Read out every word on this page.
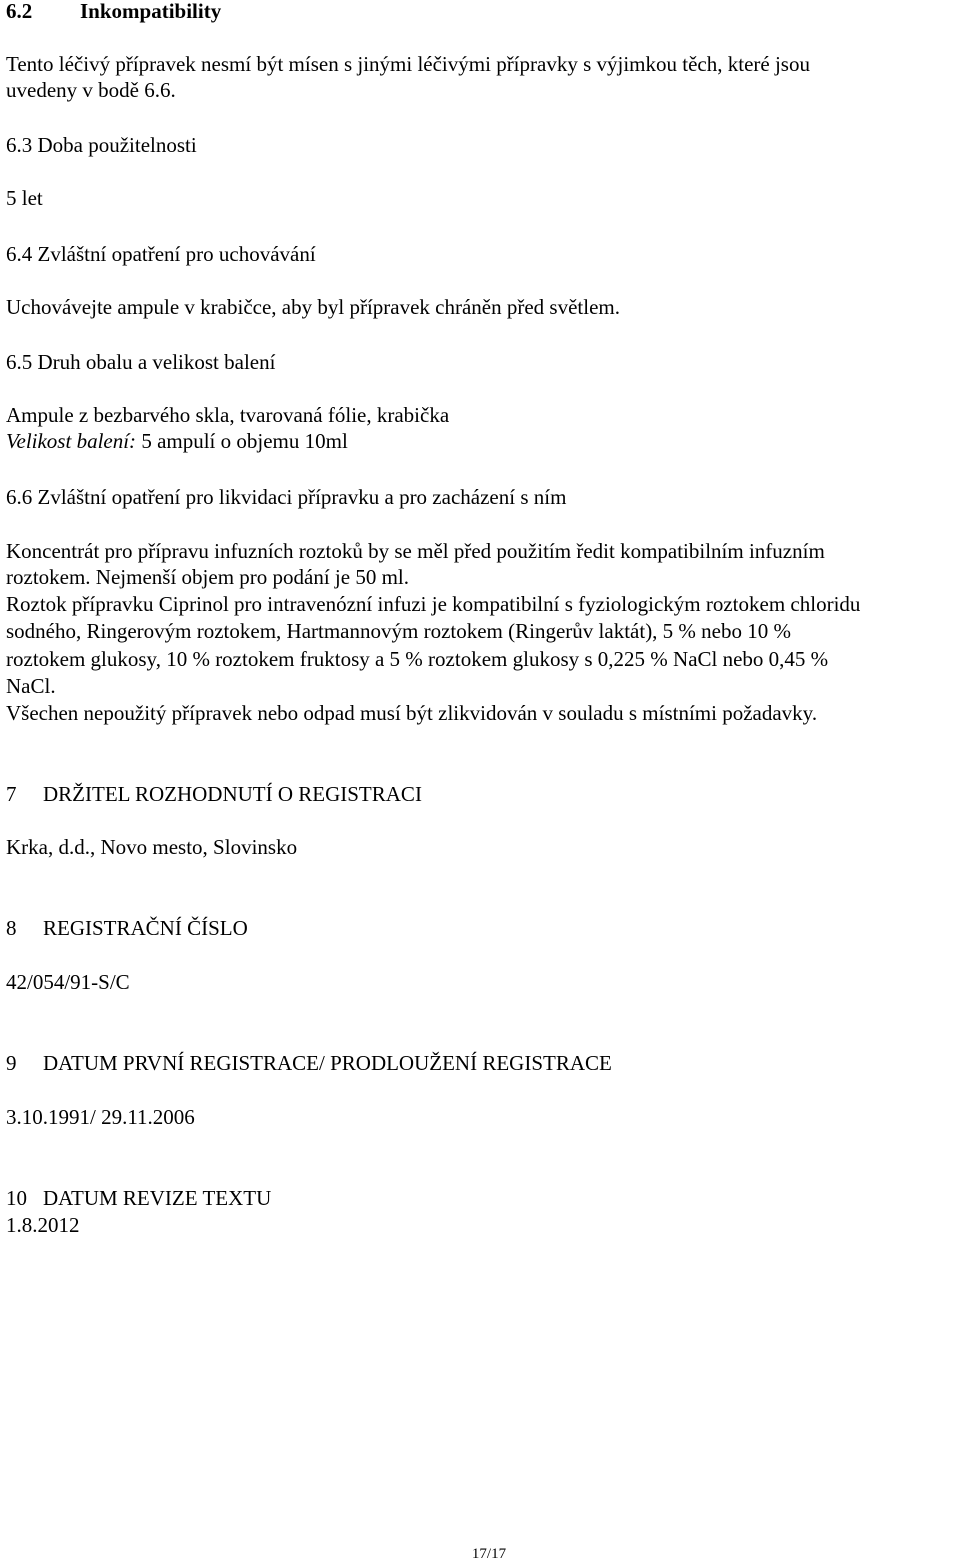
6.2	Inkompatibility

Tento léčivý přípravek nesmí být mísen s jinými léčivými přípravky s výjimkou těch, které jsou

uvedeny v bodě 6.6.

6.3 Doba použitelnosti

5 let

6.4 Zvláštní opatření pro uchovávání

Uchovávejte ampule v krabičce, aby byl přípravek chráněn před světlem.

6.5 Druh obalu a velikost balení

Ampule z bezbarvého skla, tvarovaná fólie, krabička

Velikost balení: 5 ampulí o objemu 10ml

6.6 Zvláštní opatření pro likvidaci přípravku a pro zacházení s ním

Koncentrát pro přípravu infuzních roztoků by se měl před použitím ředit kompatibilním infuzním

roztokem. Nejmenší objem pro podání je 50 ml.

Roztok přípravku Ciprinol pro intravenózní infuzi je kompatibilní s fyziologickým roztokem chloridu

sodného, Ringerovým roztokem, Hartmannovým roztokem (Ringerův laktát), 5 % nebo 10 %

roztokem glukosy, 10 % roztokem fruktosy a 5 % roztokem glukosy s 0,225 % NaCl nebo 0,45 %

NaCl.

Všechen nepoužitý přípravek nebo odpad musí být zlikvidován v souladu s místními požadavky.

7	DRŽITEL ROZHODNUTÍ O REGISTRACI

Krka, d.d., Novo mesto, Slovinsko

8	REGISTRAČNÍ ČÍSLO

42/054/91-S/C

9	DATUM PRVNÍ REGISTRACE/ PRODLOUŽENÍ REGISTRACE

3.10.1991/ 29.11.2006

10 DATUM REVIZE TEXTU

1.8.2012

17/17
